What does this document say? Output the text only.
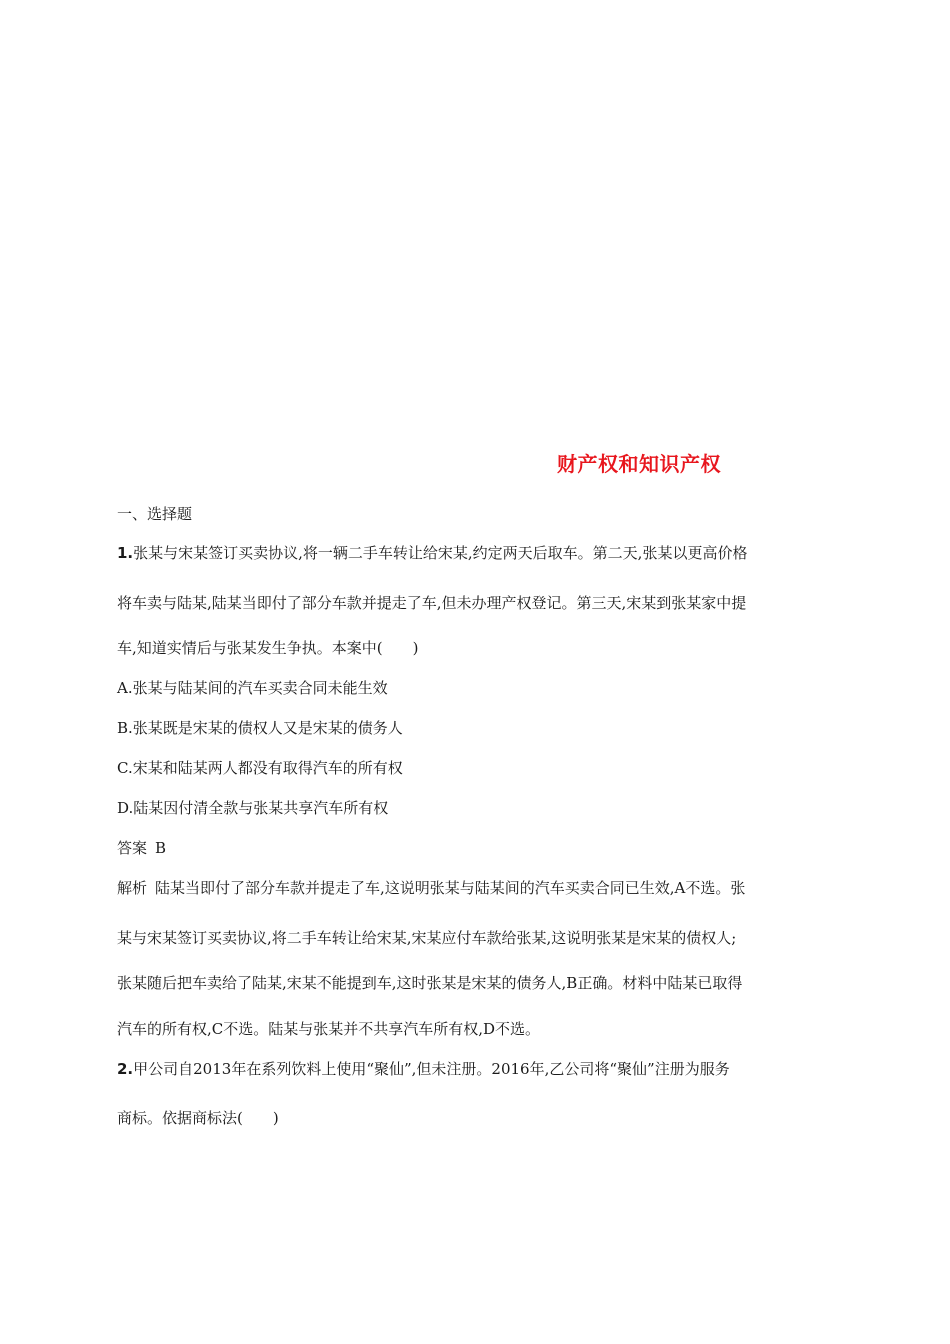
财产权和知识产权
一、选择题
1.张某与宋某签订买卖协议,将一辆二手车转让给宋某,约定两天后取车。第二天,张某以更高价格
将车卖与陆某,陆某当即付了部分车款并提走了车,但未办理产权登记。第三天,宋某到张某家中提
车,知道实情后与张某发生争执。本案中(　　)
A.张某与陆某间的汽车买卖合同未能生效
B.张某既是宋某的债权人又是宋某的债务人
C.宋某和陆某两人都没有取得汽车的所有权
D.陆某因付清全款与张某共享汽车所有权
答案 B
解析 陆某当即付了部分车款并提走了车,这说明张某与陆某间的汽车买卖合同已生效,A不选。张
某与宋某签订买卖协议,将二手车转让给宋某,宋某应付车款给张某,这说明张某是宋某的债权人;
张某随后把车卖给了陆某,宋某不能提到车,这时张某是宋某的债务人,B正确。材料中陆某已取得
汽车的所有权,C不选。陆某与张某并不共享汽车所有权,D不选。
2.甲公司自2013年在系列饮料上使用“聚仙”,但未注册。2016年,乙公司将“聚仙”注册为服务
商标。依据商标法(　　)
